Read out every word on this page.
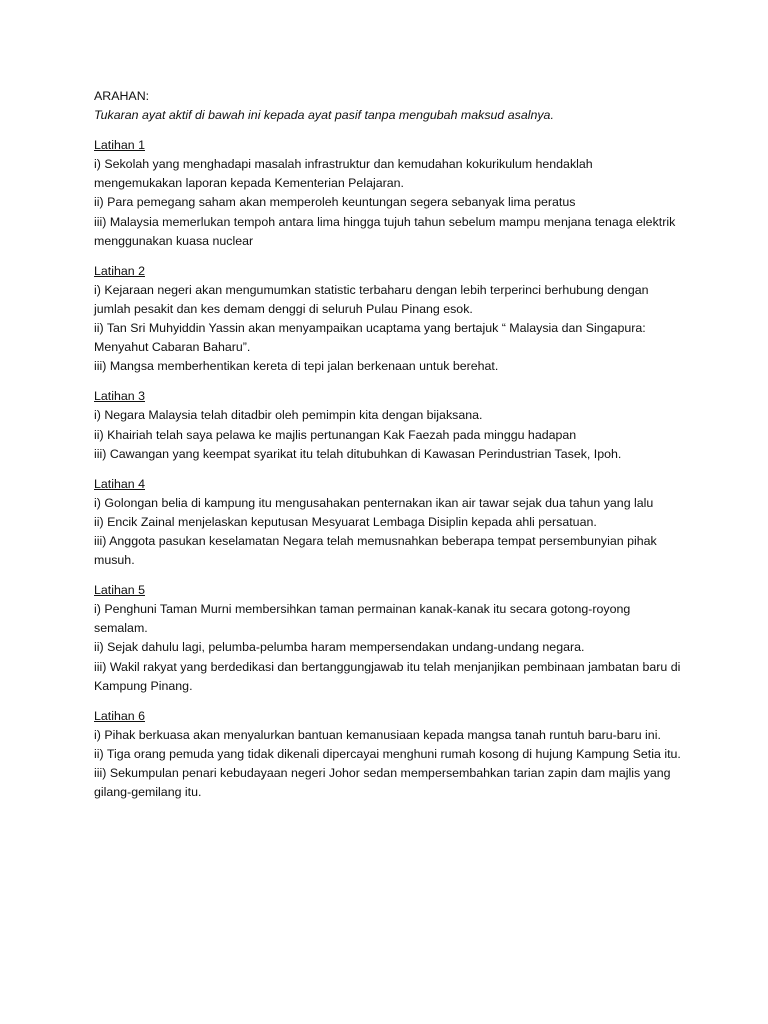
ARAHAN:

Tukaran ayat aktif di bawah ini kepada ayat pasif tanpa mengubah maksud asalnya.

Latihan 1

i) Sekolah yang menghadapi masalah infrastruktur dan kemudahan kokurikulum hendaklah mengemukakan laporan kepada Kementerian Pelajaran.

ii) Para pemegang saham akan memperoleh keuntungan segera sebanyak lima peratus

iii) Malaysia memerlukan tempoh antara lima hingga tujuh tahun sebelum mampu menjana tenaga elektrik menggunakan kuasa nuclear

Latihan 2

i) Kejaraan negeri akan mengumumkan statistic terbaharu dengan lebih terperinci berhubung dengan jumlah pesakit dan kes demam denggi di seluruh Pulau Pinang esok.

ii) Tan Sri Muhyiddin Yassin akan menyampaikan ucaptama yang bertajuk “ Malaysia dan Singapura: Menyahut Cabaran Baharu”.

iii) Mangsa memberhentikan kereta di tepi jalan berkenaan untuk berehat.

Latihan 3

i) Negara Malaysia telah ditadbir oleh pemimpin kita dengan bijaksana.

ii) Khairiah telah saya pelawa ke majlis pertunangan Kak Faezah pada minggu hadapan

iii) Cawangan yang keempat syarikat itu telah ditubuhkan di Kawasan Perindustrian Tasek, Ipoh.

Latihan 4

i) Golongan belia di kampung itu mengusahakan penternakan ikan air tawar sejak dua tahun yang lalu

ii) Encik Zainal menjelaskan keputusan Mesyuarat Lembaga Disiplin kepada ahli persatuan.

iii) Anggota pasukan keselamatan Negara telah memusnahkan beberapa tempat persembunyian pihak musuh.

Latihan 5

i) Penghuni Taman Murni membersihkan taman permainan kanak-kanak itu secara gotong-royong semalam.

ii) Sejak dahulu lagi, pelumba-pelumba haram mempersendakan undang-undang negara.

iii) Wakil rakyat yang berdedikasi dan bertanggungjawab itu telah menjanjikan pembinaan jambatan baru di Kampung Pinang.

Latihan 6

i) Pihak berkuasa akan menyalurkan bantuan kemanusiaan kepada mangsa tanah runtuh baru-baru ini.

ii) Tiga orang pemuda yang tidak dikenali dipercayai menghuni rumah kosong di hujung Kampung Setia itu.

iii) Sekumpulan penari kebudayaan negeri Johor sedan mempersembahkan tarian zapin dam majlis yang gilang-gemilang itu.
